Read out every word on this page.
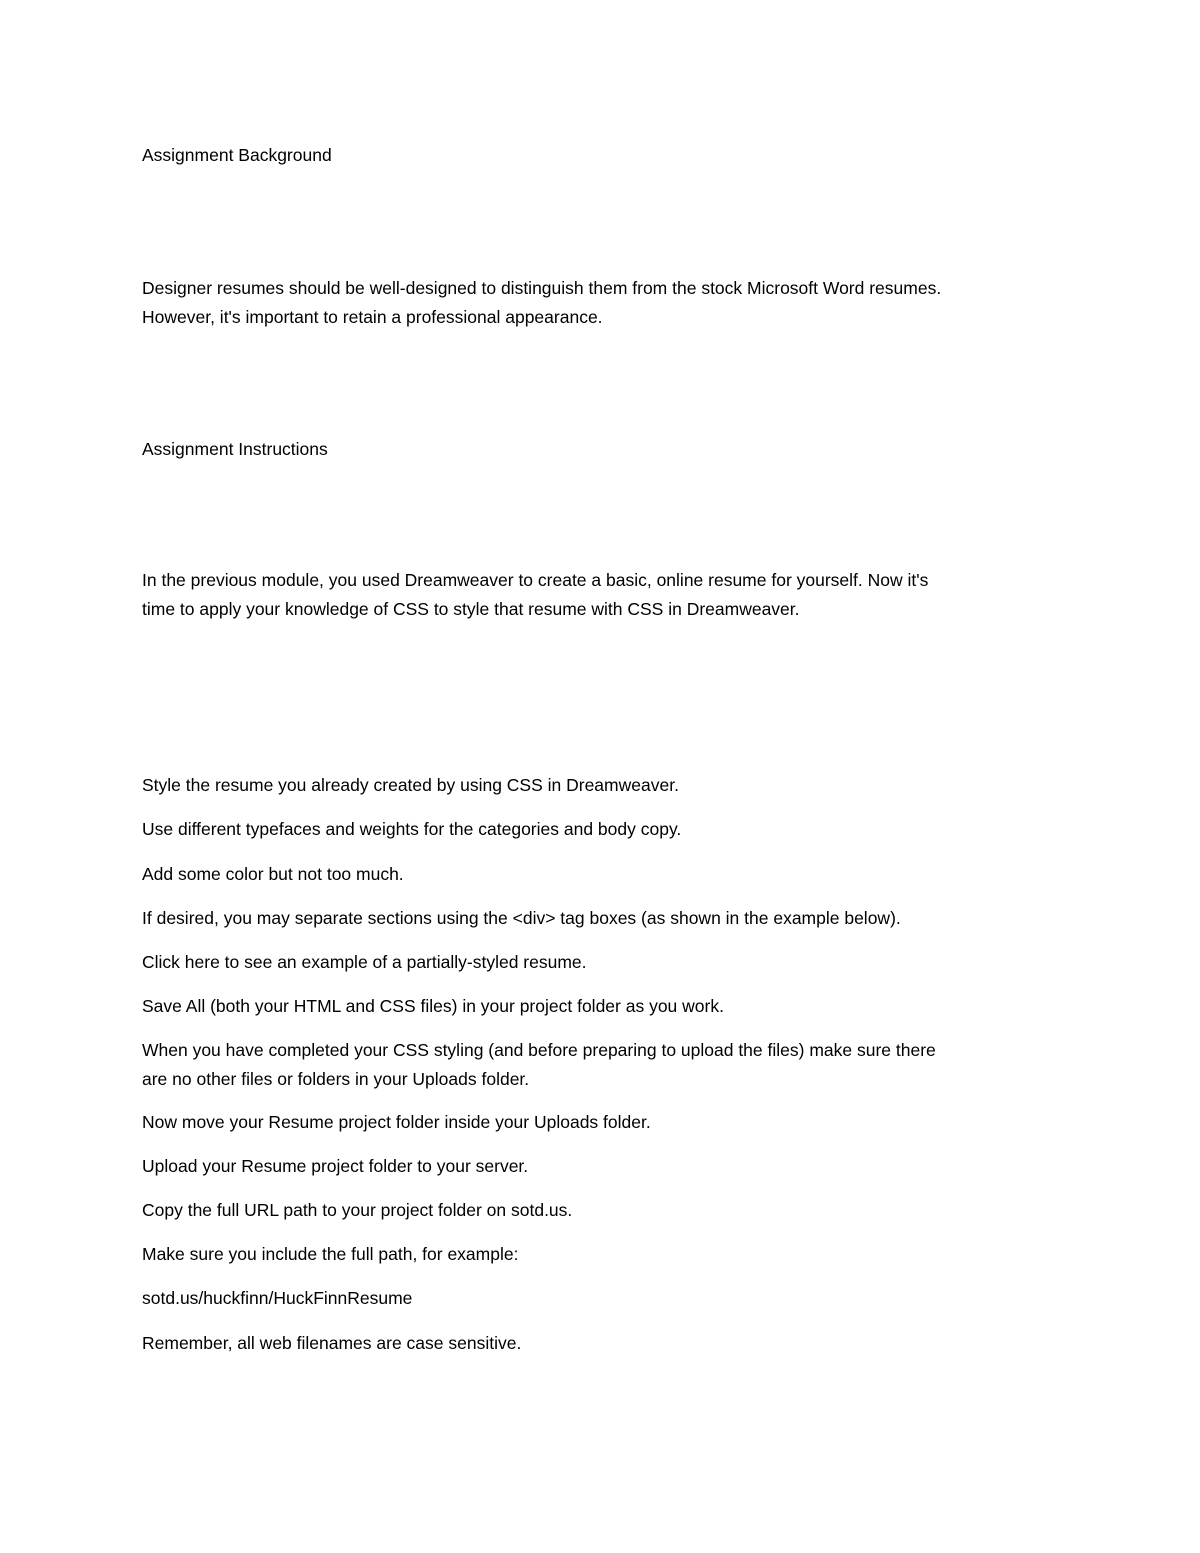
Assignment Background

Designer resumes should be well-designed to distinguish them from the stock Microsoft Word resumes.

However, it's important to retain a professional appearance.

Assignment Instructions

In the previous module, you used Dreamweaver to create a basic, online resume for yourself. Now it's

time to apply your knowledge of CSS to style that resume with CSS in Dreamweaver.

Style the resume you already created by using CSS in Dreamweaver.

Use different typefaces and weights for the categories and body copy.

Add some color but not too much.

If desired, you may separate sections using the <div> tag boxes (as shown in the example below).

Click here to see an example of a partially-styled resume.

Save All (both your HTML and CSS files) in your project folder as you work.

When you have completed your CSS styling (and before preparing to upload the files) make sure there

are no other files or folders in your Uploads folder.

Now move your Resume project folder inside your Uploads folder.

Upload your Resume project folder to your server.

Copy the full URL path to your project folder on sotd.us.

Make sure you include the full path, for example:

sotd.us/huckfinn/HuckFinnResume

Remember, all web filenames are case sensitive.
